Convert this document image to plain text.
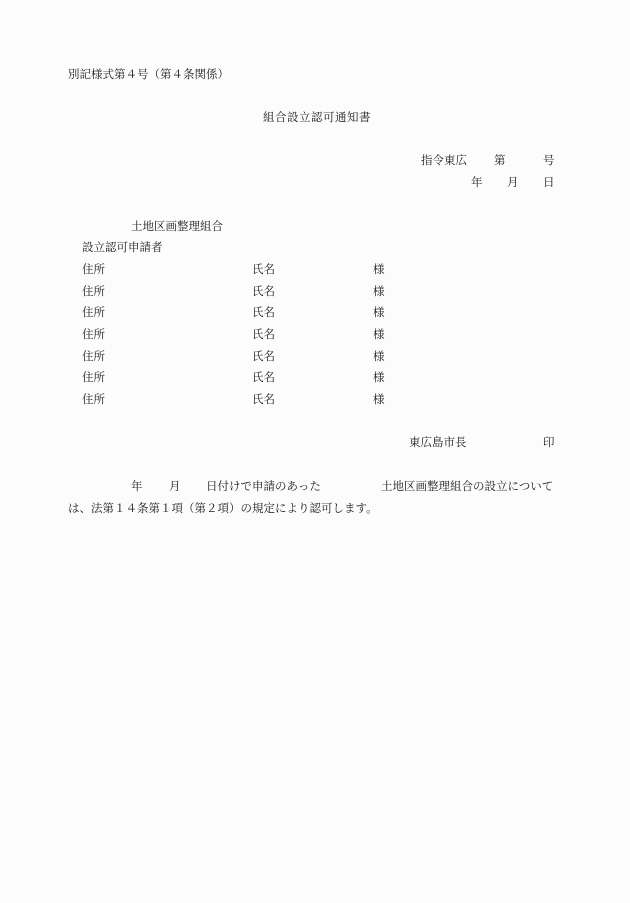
別記様式第４号（第４条関係）
組合設立認可通知書
指令東広 第	号
年 月 日
土地区画整理組合
設立認可申請者
住所	氏名	様
住所	氏名	様
住所	氏名	様
住所	氏名	様
住所	氏名	様
住所	氏名	様
住所	氏名	様
東広島市長	印
年 月 日付けで申請のあった	土地区画整理組合の設立について
は、法第１４条第１項（第２項）の規定により認可します。
